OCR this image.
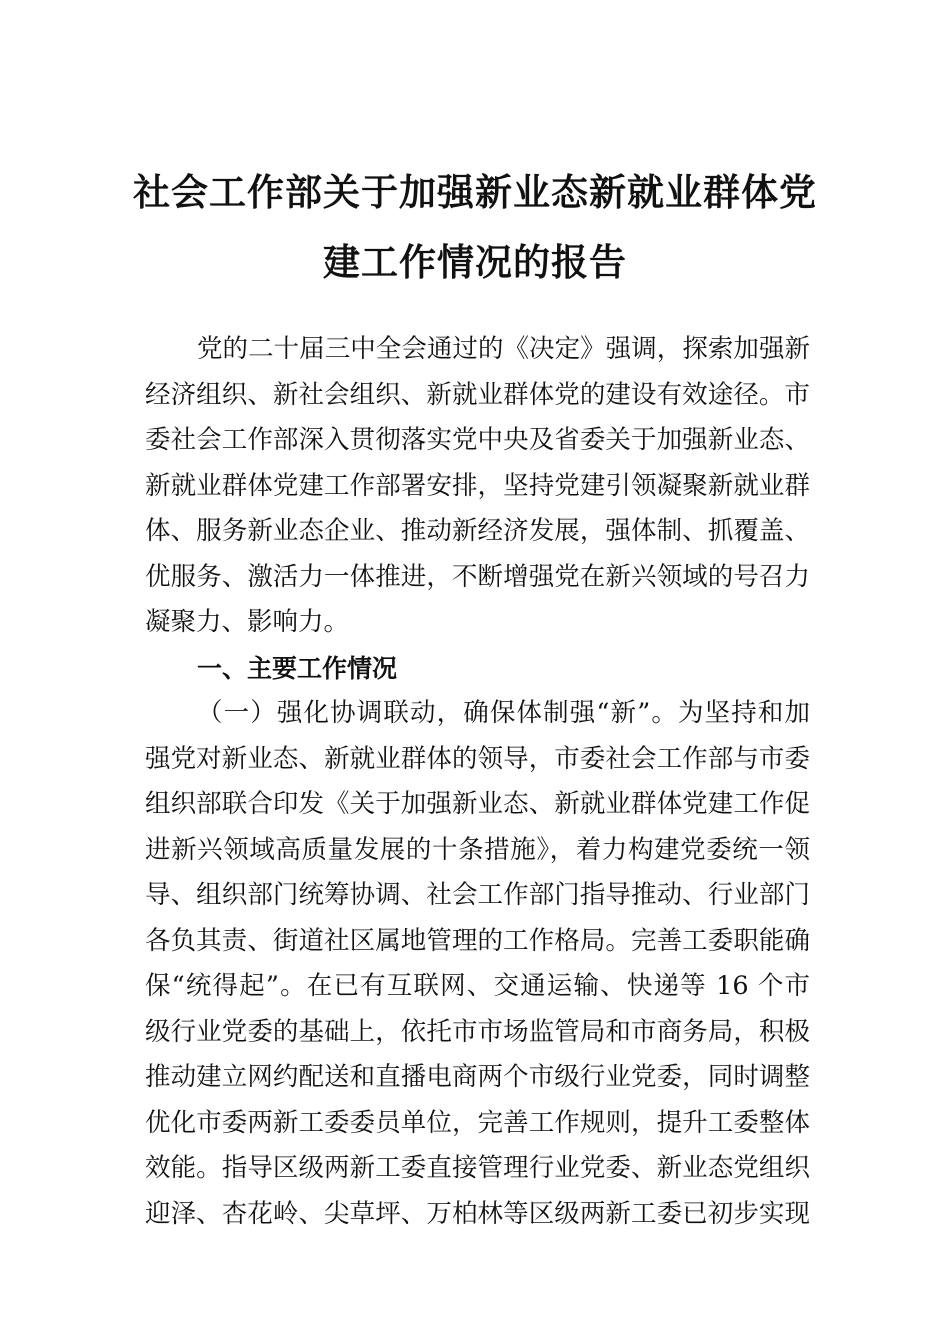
社会工作部关于加强新业态新就业群体党
建工作情况的报告
党的二十届三中全会通过的《决定》强调，探索加强新
经济组织、新社会组织、新就业群体党的建设有效途径。市
委社会工作部深入贯彻落实党中央及省委关于加强新业态、
新就业群体党建工作部署安排，坚持党建引领凝聚新就业群
体、服务新业态企业、推动新经济发展，强体制、抓覆盖、
优服务、激活力一体推进，不断增强党在新兴领域的号召力
凝聚力、影响力。
一、主要工作情况
（一）强化协调联动，确保体制强“新”。为坚持和加
强党对新业态、新就业群体的领导，市委社会工作部与市委
组织部联合印发《关于加强新业态、新就业群体党建工作促
进新兴领域高质量发展的十条措施》，着力构建党委统一领
导、组织部门统筹协调、社会工作部门指导推动、行业部门
各负其责、街道社区属地管理的工作格局。完善工委职能确
保“统得起”。在已有互联网、交通运输、快递等 16 个市
级行业党委的基础上，依托市市场监管局和市商务局，积极
推动建立网约配送和直播电商两个市级行业党委，同时调整
优化市委两新工委委员单位，完善工作规则，提升工委整体
效能。指导区级两新工委直接管理行业党委、新业态党组织
迎泽、杏花岭、尖草坪、万柏林等区级两新工委已初步实现
